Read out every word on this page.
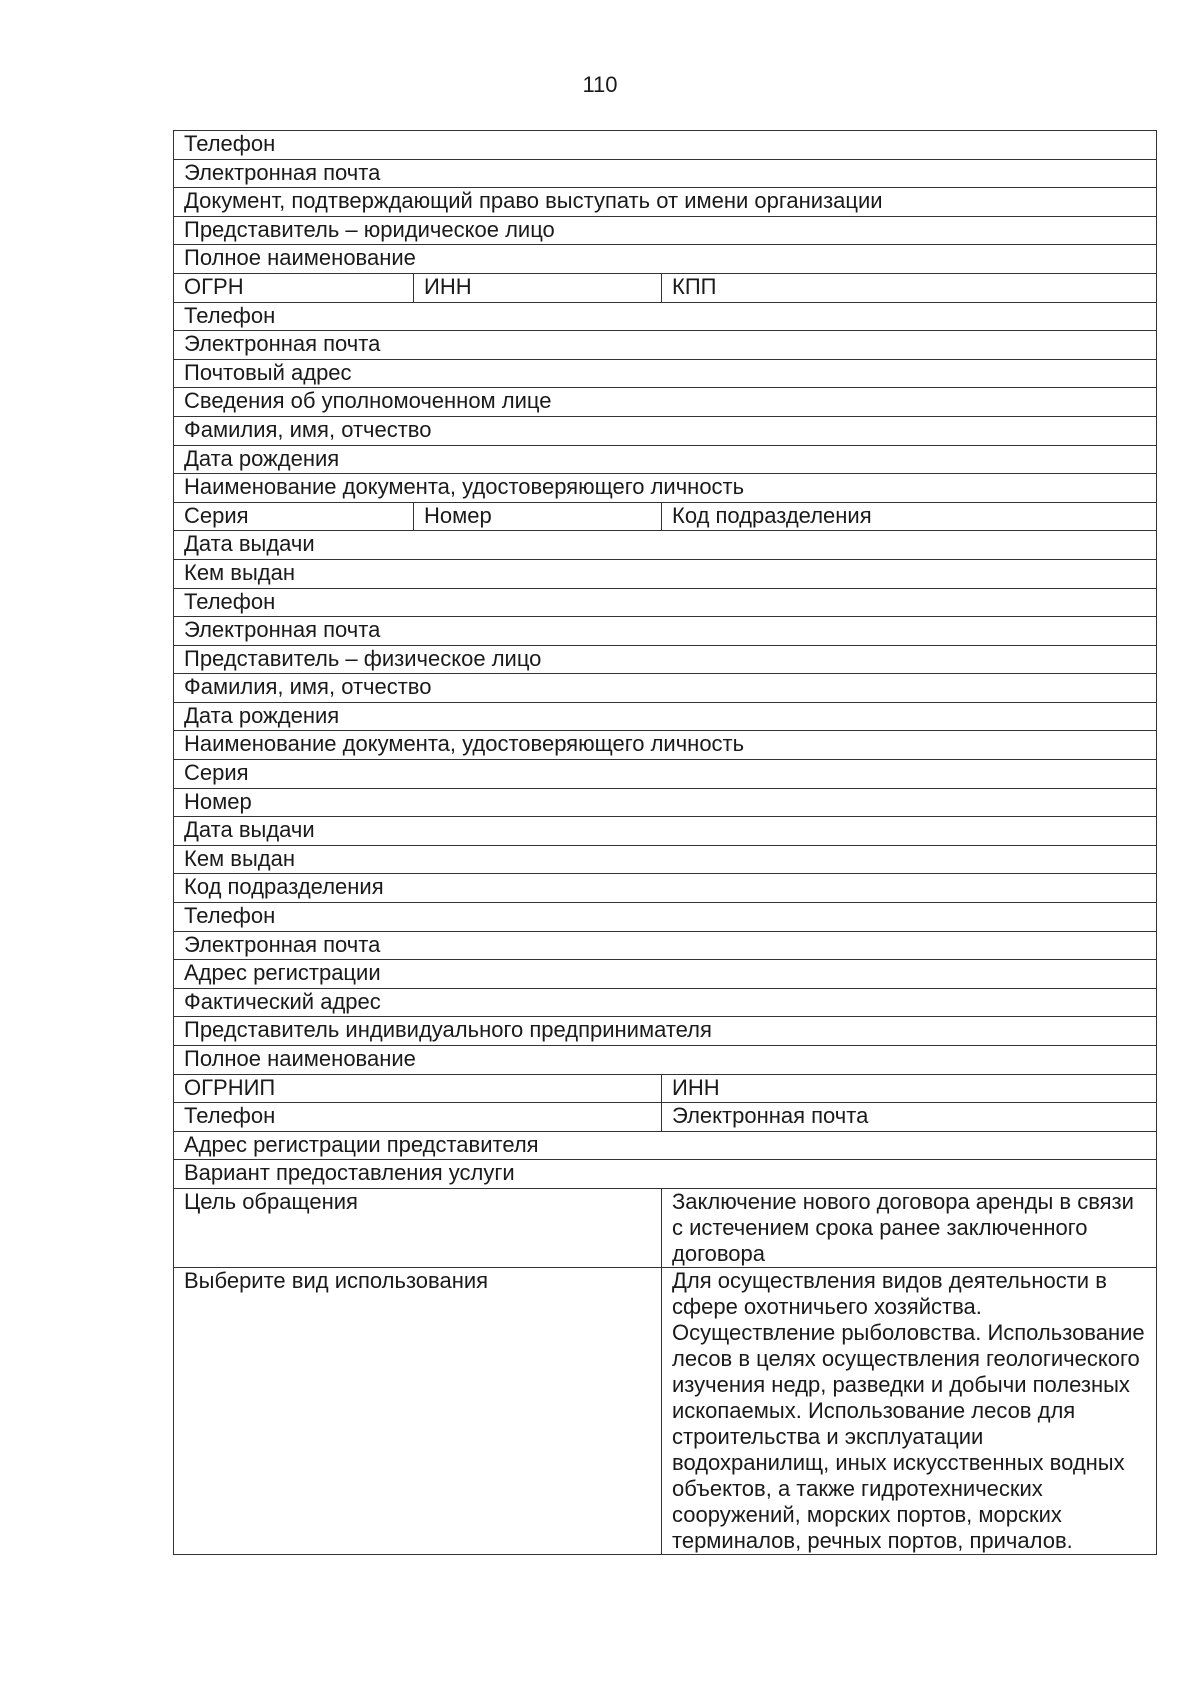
110
Телефон		
Электронная почта		
Документ, подтверждающий право выступать от имени организации		
Представитель – юридическое лицо		
Полное наименование		
ОГРН	ИНН	КПП
Телефон		
Электронная почта		
Почтовый адрес		
Сведения об уполномоченном лице		
Фамилия, имя, отчество		
Дата рождения		
Наименование документа, удостоверяющего личность		
Серия	Номер	Код подразделения
Дата выдачи		
Кем выдан		
Телефон		
Электронная почта		
Представитель – физическое лицо		
Фамилия, имя, отчество		
Дата рождения		
Наименование документа, удостоверяющего личность		
Серия		
Номер		
Дата выдачи		
Кем выдан		
Код подразделения		
Телефон		
Электронная почта		
Адрес регистрации		
Фактический адрес		
Представитель индивидуального предпринимателя		
Полное наименование		
ОГРНИП		ИНН
Телефон		Электронная почта
Адрес регистрации представителя		
Вариант предоставления услуги		
Цель обращения		Заключение нового договора аренды в связи с истечением срока ранее заключенного договора
Выберите вид использования		Для осуществления видов деятельности в сфере охотничьего хозяйства. Осуществление рыболовства. Использование лесов в целях осуществления геологического изучения недр, разведки и добычи полезных ископаемых. Использование лесов для строительства и эксплуатации водохранилищ, иных искусственных водных объектов, а также гидротехнических сооружений, морских портов, морских терминалов, речных портов, причалов.
